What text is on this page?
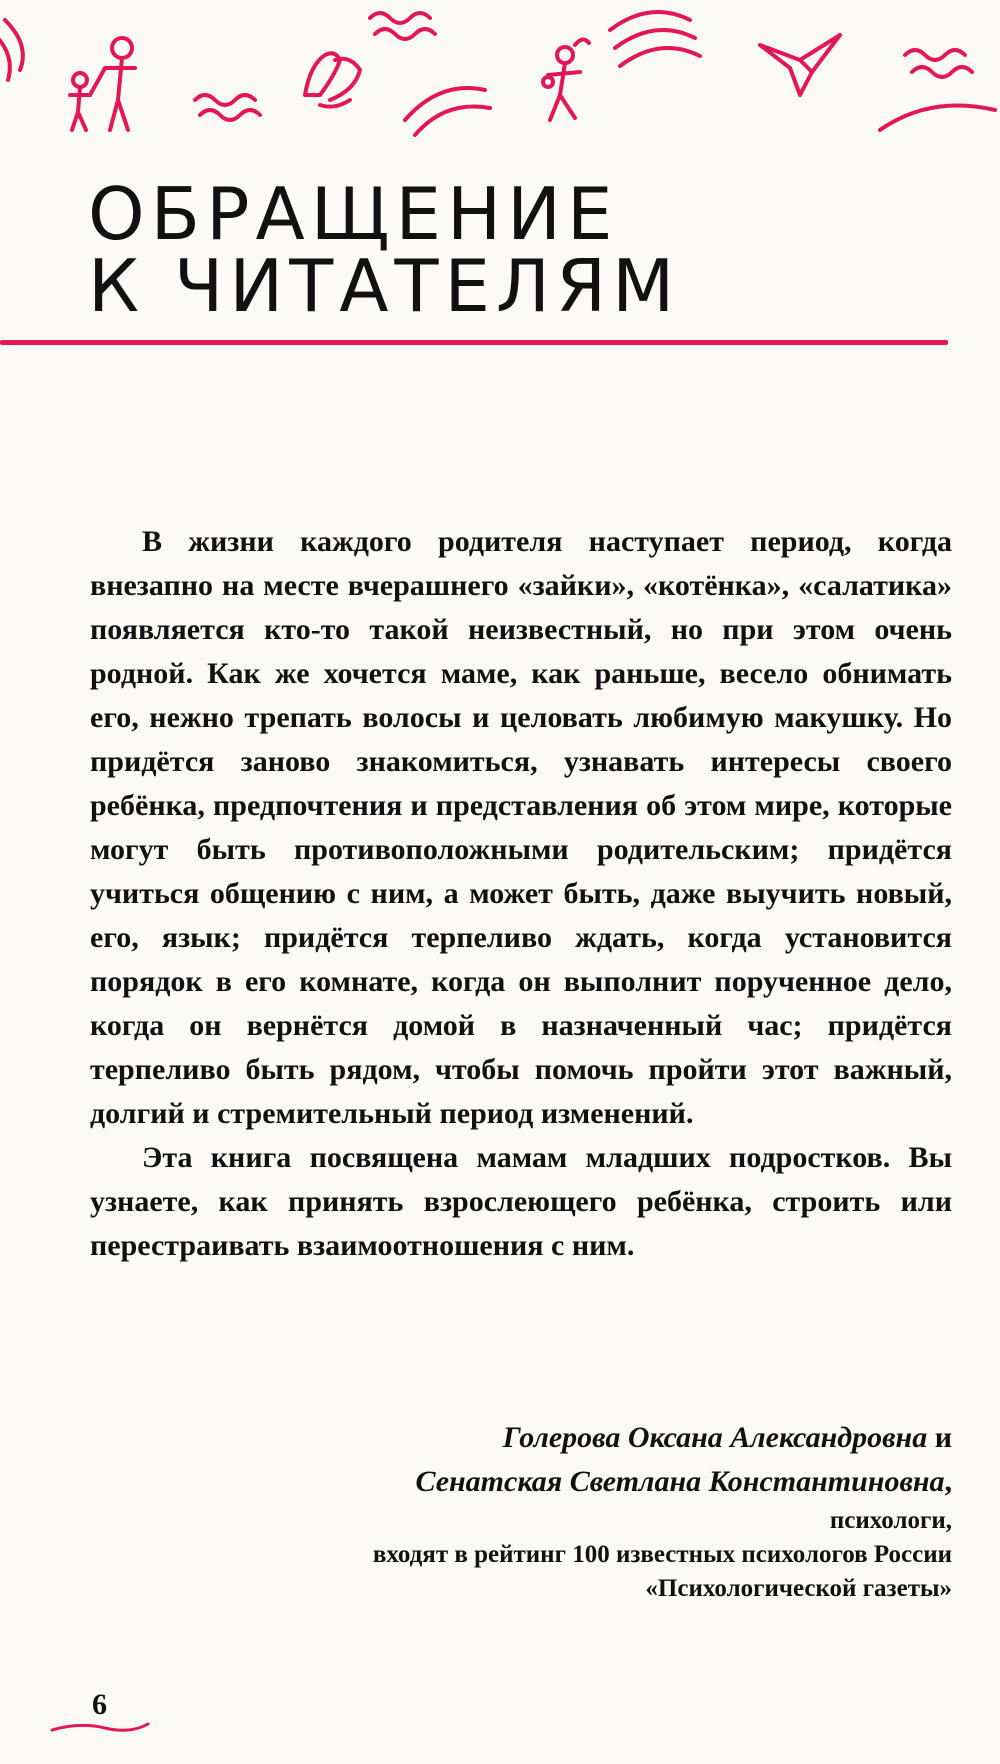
ОБРАЩЕНИЕ
К ЧИТАТЕЛЯМ

В жизни каждого родителя наступает период, когда внезапно на месте вчерашнего «зайки», «котёнка», «салатика» появляется кто-то такой неизвестный, но при этом очень родной. Как же хочется маме, как раньше, весело обнимать его, нежно трепать волосы и целовать любимую макушку. Но придётся заново знакомиться, узнавать интересы своего ребёнка, предпочтения и представления об этом мире, которые могут быть противоположными родительским; придётся учиться общению с ним, а может быть, даже выучить новый, его, язык; придётся терпеливо ждать, когда установится порядок в его комнате, когда он выполнит порученное дело, когда он вернётся домой в назначенный час; придётся терпеливо быть рядом, чтобы помочь пройти этот важный, долгий и стремительный период изменений.

Эта книга посвящена мамам младших подростков. Вы узнаете, как принять взрослеющего ребёнка, строить или перестраивать взаимоотношения с ним.

Голерова Оксана Александровна и
Сенатская Светлана Константиновна,
психологи,
входят в рейтинг 100 известных психологов России
«Психологической газеты»
6
